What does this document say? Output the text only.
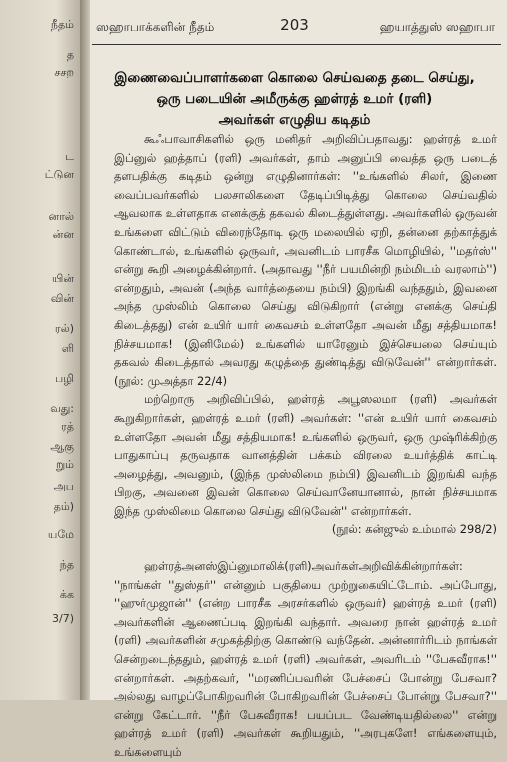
நீதம்
த
சசற
ட
ட்டுன
னால்
ன்ன
யின்
வின்
ரல்)
ளி
பழி
வது:
ரத்
ஆகு
றும்
அப
தம்)
யமே
ந்த
க்க
3/7)
ஸஹாபாக்களின் நீதம்	203	ஹயாத்துஸ் ஸஹாபா
இணைவைப்பாளர்களை கொலை செய்வதை தடை செய்து,
ஒரு படையின் அமீருக்கு ஹள்ரத் உமர் (ரளி)
அவர்கள் எழுதிய கடிதம்

கூஃபாவாசிகளில் ஒரு மனிதர் அறிவிப்பதாவது: ஹள்ரத் உமர் இப்னுல் ஹத்தாப் (ரளி) அவர்கள், தாம் அனுப்பி வைத்த ஒரு படைத் தளபதிக்கு கடிதம் ஒன்று எழுதினார்கள்: ''உங்களில் சிலர், இணை வைப்பவர்களில் பலசாலிகளை தேடிப்பிடித்து கொலை செய்வதில் ஆவலாக உள்ளதாக எனக்குத் தகவல் கிடைத்துள்ளது. அவர்களில் ஒருவன் உங்களை விட்டும் விரைந்தோடி ஒரு மலையில் ஏறி, தன்னை தற்காத்துக் கொண்டால், உங்களில் ஒருவர், அவனிடம் பாரசீக மொழியில், ''மதர்ஸ்'' என்று கூறி அழைக்கின்றார். (அதாவது ''நீர் பயமின்றி நம்மிடம் வரலாம்'') என்றதும், அவன் (அந்த வார்த்தையை நம்பி) இறங்கி வந்ததும், இவனை அந்த முஸ்லிம் கொலை செய்து விடுகிறார் (என்று எனக்கு செய்தி கிடைத்தது) என் உயிர் யார் கைவசம் உள்ளதோ அவன் மீது சத்தியமாக! நிச்சயமாக! (இனிமேல்) உங்களில் யாரேனும் இச்செயலை செய்யும் தகவல் கிடைத்தால் அவரது கழுத்தை துண்டித்து விடுவேன்'' என்றார்கள். (நூல்: முஅத்தா 22/4)

மற்றொரு அறிவிப்பில், ஹள்ரத் அபூஸலமா (ரளி) அவர்கள் கூறுகிறார்கள், ஹள்ரத் உமர் (ரளி) அவர்கள்: ''என் உயிர் யார் கைவசம் உள்ளதோ அவன் மீது சத்தியமாக! உங்களில் ஒருவர், ஒரு முஷ்ரிக்கிற்கு பாதுகாப்பு தருவதாக வானத்தின் பக்கம் விரலை உயர்த்திக் காட்டி அழைத்து, அவனும், (இந்த முஸ்லிமை நம்பி) இவனிடம் இறங்கி வந்த பிறகு, அவனை இவன் கொலை செய்வானேயானால், நான் நிச்சயமாக இந்த முஸ்லிமை கொலை செய்து விடுவேன்'' என்றார்கள்.

(நூல்: கன்ஜுல் உம்மால் 298/2)

ஹள்ரத்அனஸ்இப்னுமாலிக்(ரளி)அவர்கள்அறிவிக்கின்றார்கள்: ''நாங்கள் ''துஸ்தர்'' என்னும் பகுதியை முற்றுகையிட்டோம். அப்போது, ''ஹுர்முஜான்'' (என்ற பாரசீக அரசர்களில் ஒருவர்) ஹள்ரத் உமர் (ரளி) அவர்களின் ஆணைப்படி இறங்கி வந்தார். அவரை நான் ஹள்ரத் உமர் (ரளி) அவர்களின் சமுகத்திற்கு கொண்டு வந்தேன். அன்னார்ரிடம் நாங்கள் சென்றடைந்ததும், ஹள்ரத் உமர் (ரளி) அவர்கள், அவரிடம் ''பேசுவீராக!'' என்றார்கள். அதற்கவர், ''மரணிப்பவரின் பேச்சைப் போன்று பேசவா? அல்லது வாழப்போகிறவரின் போகிறவரின் பேச்சைப் போன்று பேசவா?'' என்று கேட்டார். ''நீர் பேசுவீராக! பயப்பட வேண்டியதில்லை'' என்று ஹள்ரத் உமர் (ரளி) அவர்கள் கூறியதும், ''அரபுகளே! எங்களையும், உங்களையும்
